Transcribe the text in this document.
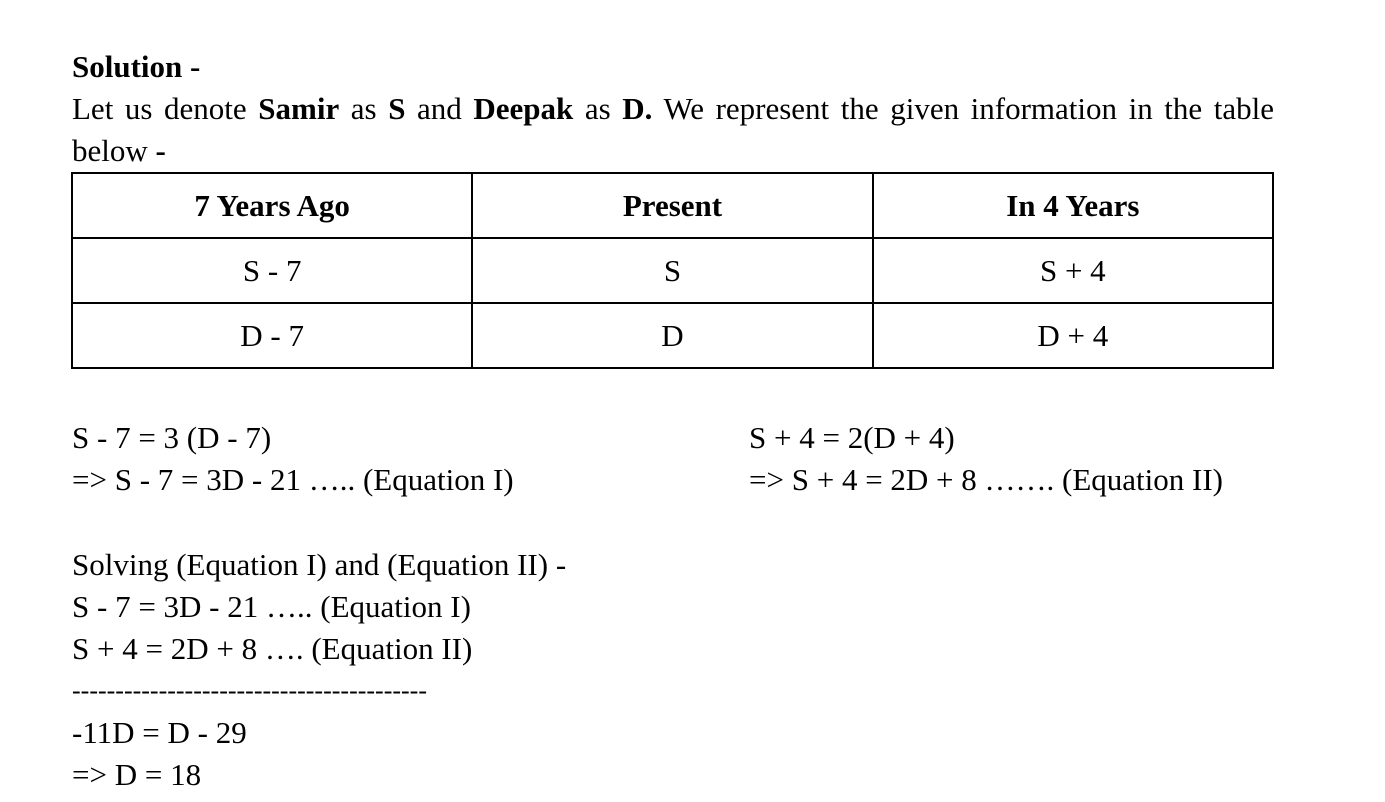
Solution -
Let us denote Samir as S and Deepak as D. We represent the given information in the table below -
7 Years Ago	Present	In 4 Years
S - 7	S	S + 4
D - 7	D	D + 4
S - 7 = 3 (D - 7)
=> S - 7 = 3D - 21 ….. (Equation I)
S + 4 = 2(D + 4)
=> S + 4 = 2D + 8 ……. (Equation II)
Solving (Equation I) and (Equation II) -
S - 7 = 3D - 21 ….. (Equation I)
S + 4 = 2D + 8 …. (Equation II)
-----------------------------------------
-11D = D - 29
=> D = 18
